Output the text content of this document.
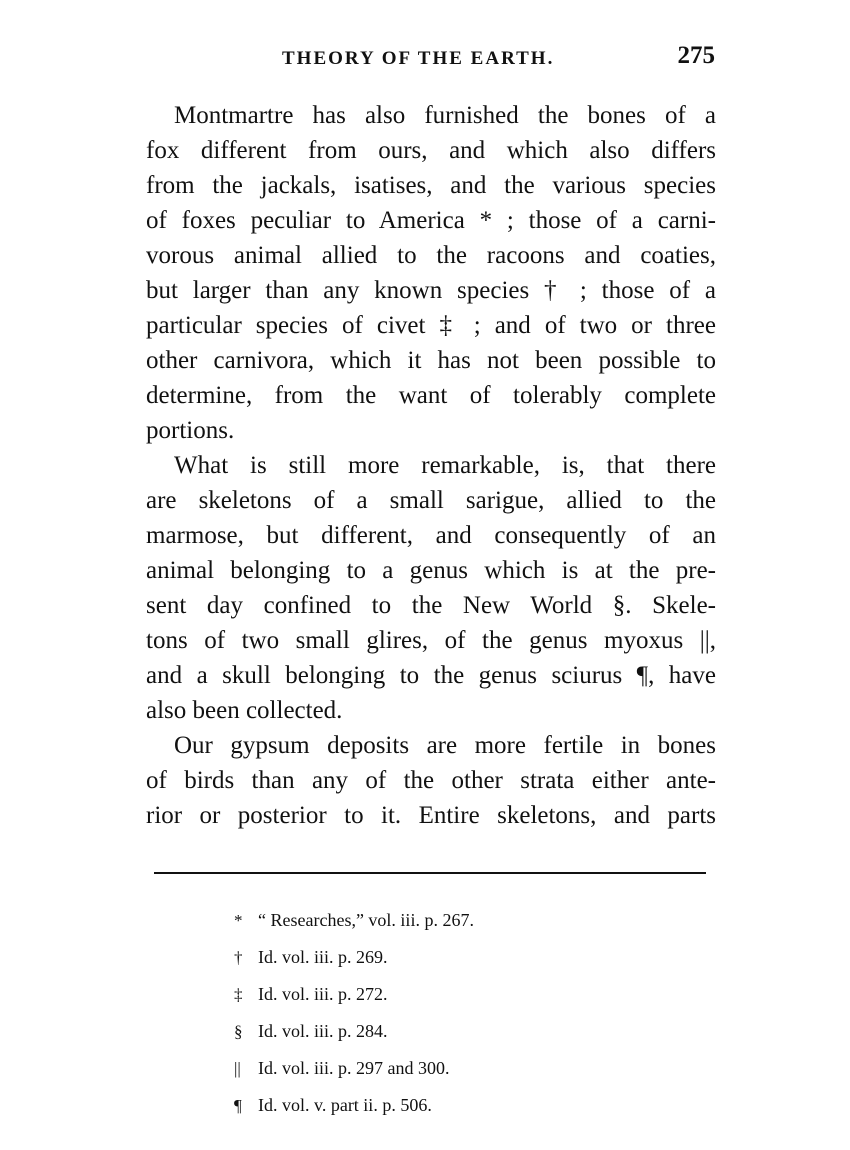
THEORY OF THE EARTH.	275
Montmartre has also furnished the bones of a
fox different from ours, and which also differs
from the jackals, isatises, and the various species
of foxes peculiar to America * ; those of a carni-
vorous animal allied to the racoons and coaties,
but larger than any known species † ; those of a
particular species of civet ‡ ; and of two or three
other carnivora, which it has not been possible to
determine, from the want of tolerably complete
portions.
What is still more remarkable, is, that there
are skeletons of a small sarigue, allied to the
marmose, but different, and consequently of an
animal belonging to a genus which is at the pre-
sent day confined to the New World §. Skele-
tons of two small glires, of the genus myoxus ||,
and a skull belonging to the genus sciurus ¶, have
also been collected.
Our gypsum deposits are more fertile in bones
of birds than any of the other strata either ante-
rior or posterior to it. Entire skeletons, and parts
* “ Researches,” vol. iii. p. 267.
† Id. vol. iii. p. 269.
‡ Id. vol. iii. p. 272.
§ Id. vol. iii. p. 284.
|| Id. vol. iii. p. 297 and 300.
¶ Id. vol. v. part ii. p. 506.
